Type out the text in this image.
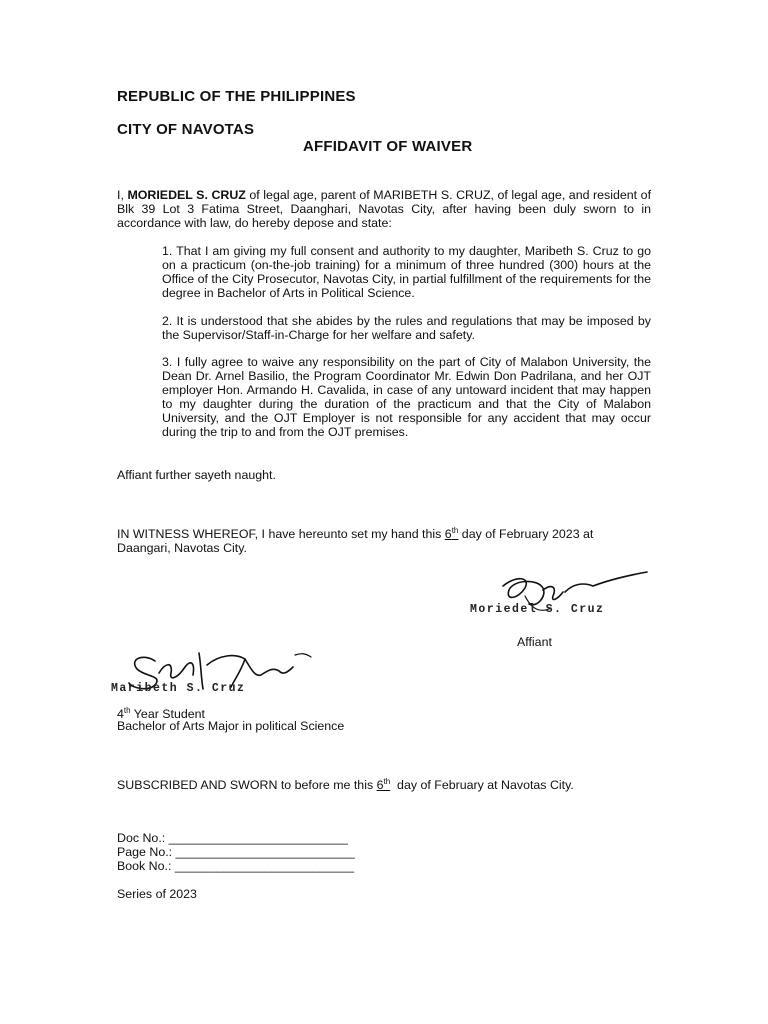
REPUBLIC OF THE PHILIPPINES

CITY OF NAVOTAS

AFFIDAVIT OF WAIVER

I, MORIEDEL S. CRUZ of legal age, parent of MARIBETH S. CRUZ, of legal age, and resident of Blk 39 Lot 3 Fatima Street, Daanghari, Navotas City, after having been duly sworn to in accordance with law, do hereby depose and state:

1. That I am giving my full consent and authority to my daughter, Maribeth S. Cruz to go on a practicum (on-the-job training) for a minimum of three hundred (300) hours at the Office of the City Prosecutor, Navotas City, in partial fulfillment of the requirements for the degree in Bachelor of Arts in Political Science.

2. It is understood that she abides by the rules and regulations that may be imposed by the Supervisor/Staff-in-Charge for her welfare and safety.

3. I fully agree to waive any responsibility on the part of City of Malabon University, the Dean Dr. Arnel Basilio, the Program Coordinator Mr. Edwin Don Padrilana, and her OJT employer Hon. Armando H. Cavalida, in case of any untoward incident that may happen to my daughter during the duration of the practicum and that the City of Malabon University, and the OJT Employer is not responsible for any accident that may occur during the trip to and from the OJT premises.

Affiant further sayeth naught.

IN WITNESS WHEREOF, I have hereunto set my hand this 6th day of February 2023 at
Daangari, Navotas City.

Moriedel S. Cruz

Affiant

Maribeth S. Cruz

4th Year Student

Bachelor of Arts Major in political Science

SUBSCRIBED AND SWORN to before me this 6th  day of February at Navotas City.

Doc No.: __________________________

Page No.: __________________________

Book No.: __________________________

Series of 2023
